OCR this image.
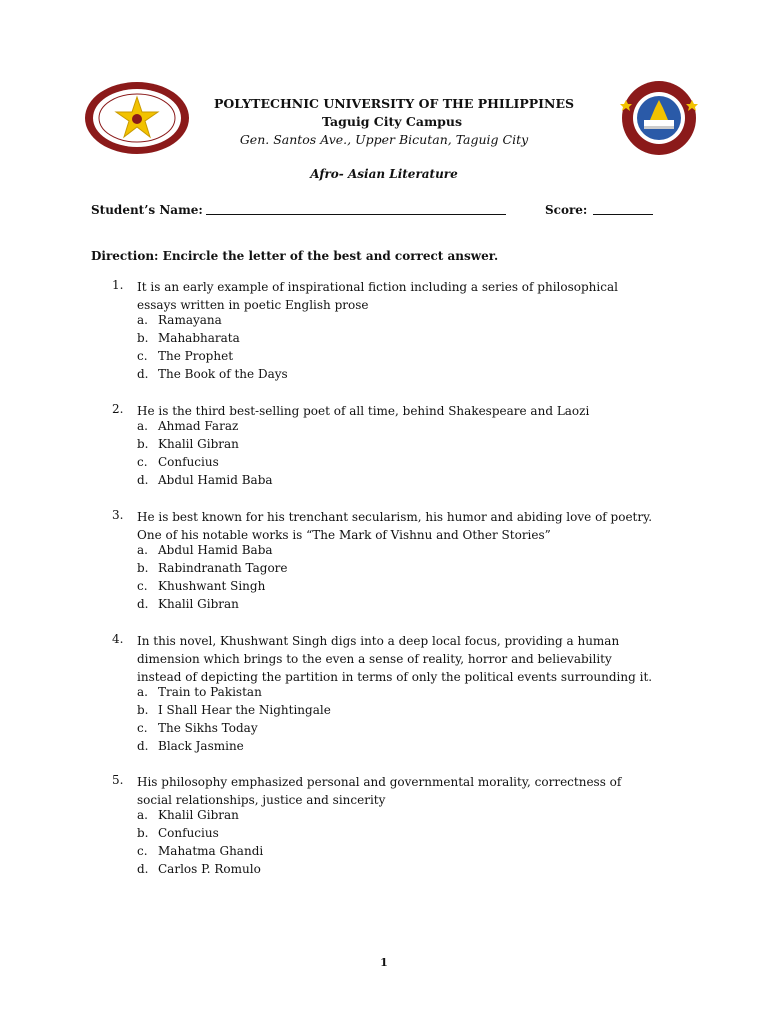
POLYTECHNIC UNIVERSITY OF THE PHILIPPINES
Taguig City Campus
Gen. Santos Ave., Upper Bicutan, Taguig City
Afro- Asian Literature
Student’s Name:	Score:
Direction: Encircle the letter of the best and correct answer.
1. It is an early example of inspirational fiction including a series of philosophical
essays written in poetic English prose
a. Ramayana
b. Mahabharata
c. The Prophet
d. The Book of the Days
2. He is the third best-selling poet of all time, behind Shakespeare and Laozi
a. Ahmad Faraz
b. Khalil Gibran
c. Confucius
d. Abdul Hamid Baba
3. He is best known for his trenchant secularism, his humor and abiding love of poetry.
One of his notable works is “The Mark of Vishnu and Other Stories”
a. Abdul Hamid Baba
b. Rabindranath Tagore
c. Khushwant Singh
d. Khalil Gibran
4. In this novel, Khushwant Singh digs into a deep local focus, providing a human
dimension which brings to the even a sense of reality, horror and believability
instead of depicting the partition in terms of only the political events surrounding it.
a. Train to Pakistan
b. I Shall Hear the Nightingale
c. The Sikhs Today
d. Black Jasmine
5. His philosophy emphasized personal and governmental morality, correctness of
social relationships, justice and sincerity
a. Khalil Gibran
b. Confucius
c. Mahatma Ghandi
d. Carlos P. Romulo
1
